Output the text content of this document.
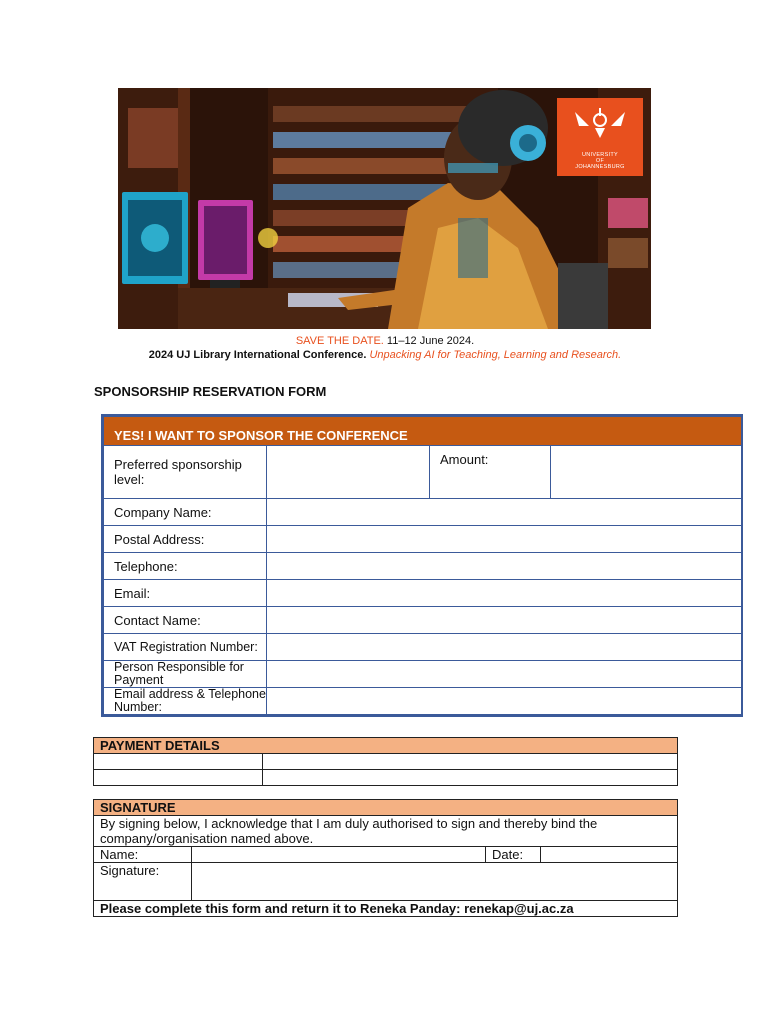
UNIVERSITY
OF
JOHANNESBURG
SAVE THE DATE. 11–12 June 2024.
2024 UJ Library International Conference. Unpacking AI for Teaching, Learning and Research.
SPONSORSHIP RESERVATION FORM
YES! I WANT TO SPONSOR THE CONFERENCE			
Preferred sponsorship level:		Amount:	
Company Name:			
Postal Address:			
Telephone:			
Email:			
Contact Name:			
VAT Registration Number:			
Person Responsible for Payment			
Email address & Telephone Number:			
PAYMENT DETAILS	

SIGNATURE			
By signing below, I acknowledge that I am duly authorised to sign and thereby bind the company/organisation named above.			
Name:		Date:	
Signature:			
Please complete this form and return it to Reneka Panday: renekap@uj.ac.za			
